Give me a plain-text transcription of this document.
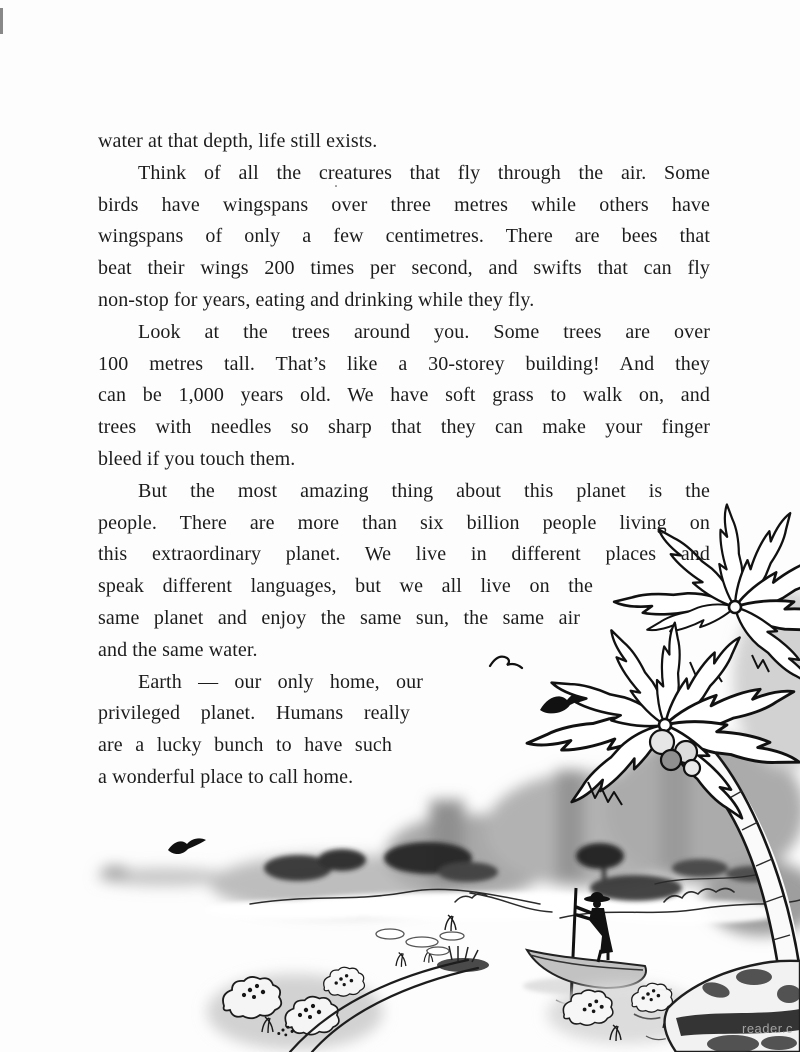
water at that depth, life still exists.
Think of all the creatures that fly through the air. Some
birds have wingspans over three metres while others have
wingspans of only a few centimetres. There are bees that
beat their wings 200 times per second, and swifts that can fly
non-stop for years, eating and drinking while they fly.
Look at the trees around you. Some trees are over
100 metres tall. That’s like a 30-storey building! And they
can be 1,000 years old. We have soft grass to walk on, and
trees with needles so sharp that they can make your finger
bleed if you touch them.
But the most amazing thing about this planet is the
people. There are more than six billion people living on
this extraordinary planet. We live in different places and
speak different languages, but we all live on the
same planet and enjoy the same sun, the same air
and the same water.
Earth — our only home, our
privileged planet. Humans really
are a lucky bunch to have such
a wonderful place to call home.
reader.c
